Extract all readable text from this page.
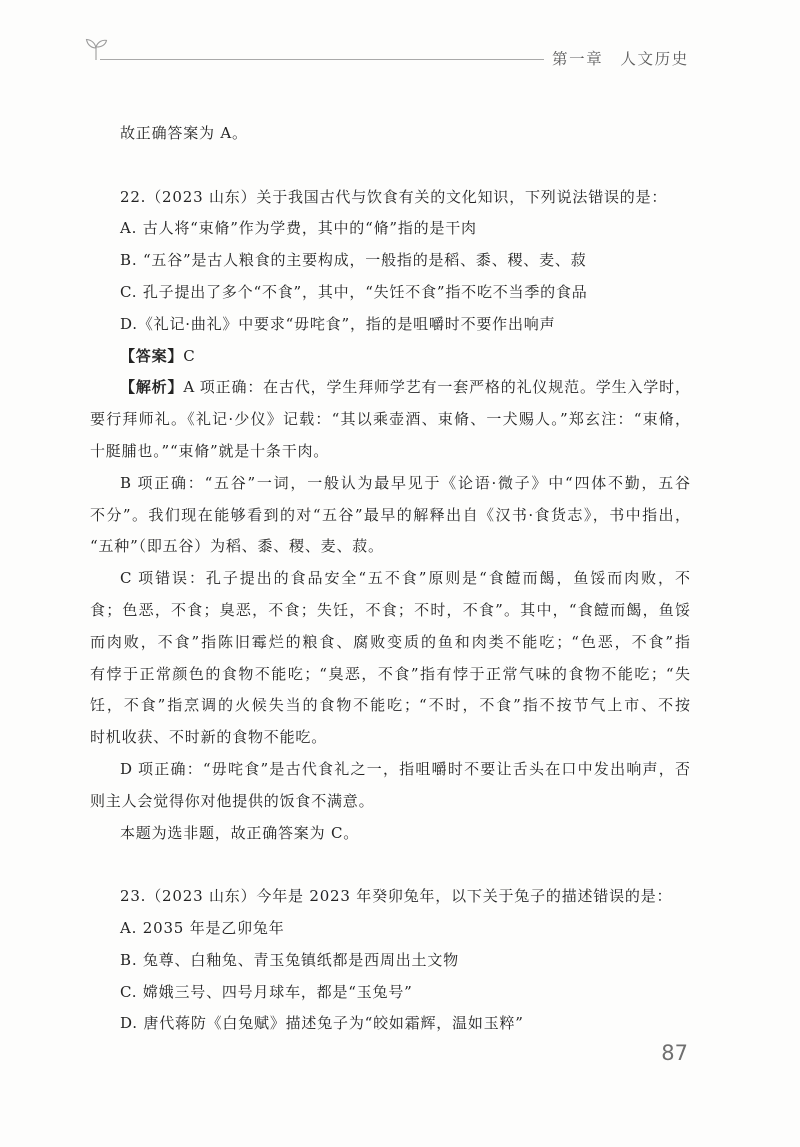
第一章　人文历史
故正确答案为 A。
22.（2023 山东）关于我国古代与饮食有关的文化知识，下列说法错误的是：
A. 古人将“束脩”作为学费，其中的“脩”指的是干肉
B. “五谷”是古人粮食的主要构成，一般指的是稻、黍、稷、麦、菽
C. 孔子提出了多个“不食”，其中，“失饪不食”指不吃不当季的食品
D.《礼记·曲礼》中要求“毋咤食”，指的是咀嚼时不要作出响声
【答案】C
【解析】A 项正确：在古代，学生拜师学艺有一套严格的礼仪规范。学生入学时，
要行拜师礼。《礼记·少仪》记载：“其以乘壶酒、束脩、一犬赐人。”郑玄注：“束脩，
十脡脯也。”“束脩”就是十条干肉。
B 项正确：“五谷”一词，一般认为最早见于《论语·微子》中“四体不勤，五谷
不分”。我们现在能够看到的对“五谷”最早的解释出自《汉书·食货志》，书中指出，
“五种”（即五谷）为稻、黍、稷、麦、菽。
C 项错误：孔子提出的食品安全“五不食”原则是“食饐而餲，鱼馁而肉败，不
食；色恶，不食；臭恶，不食；失饪，不食；不时，不食”。其中，“食饐而餲，鱼馁
而肉败，不食”指陈旧霉烂的粮食、腐败变质的鱼和肉类不能吃；“色恶，不食”指
有悖于正常颜色的食物不能吃；“臭恶，不食”指有悖于正常气味的食物不能吃；“失
饪，不食”指烹调的火候失当的食物不能吃；“不时，不食”指不按节气上市、不按
时机收获、不时新的食物不能吃。
D 项正确：“毋咤食”是古代食礼之一，指咀嚼时不要让舌头在口中发出响声，否
则主人会觉得你对他提供的饭食不满意。
本题为选非题，故正确答案为 C。
23.（2023 山东）今年是 2023 年癸卯兔年，以下关于兔子的描述错误的是：
A. 2035 年是乙卯兔年
B. 兔尊、白釉兔、青玉兔镇纸都是西周出土文物
C. 嫦娥三号、四号月球车，都是“玉兔号”
D. 唐代蒋防《白兔赋》描述兔子为“皎如霜辉，温如玉粹”
87
